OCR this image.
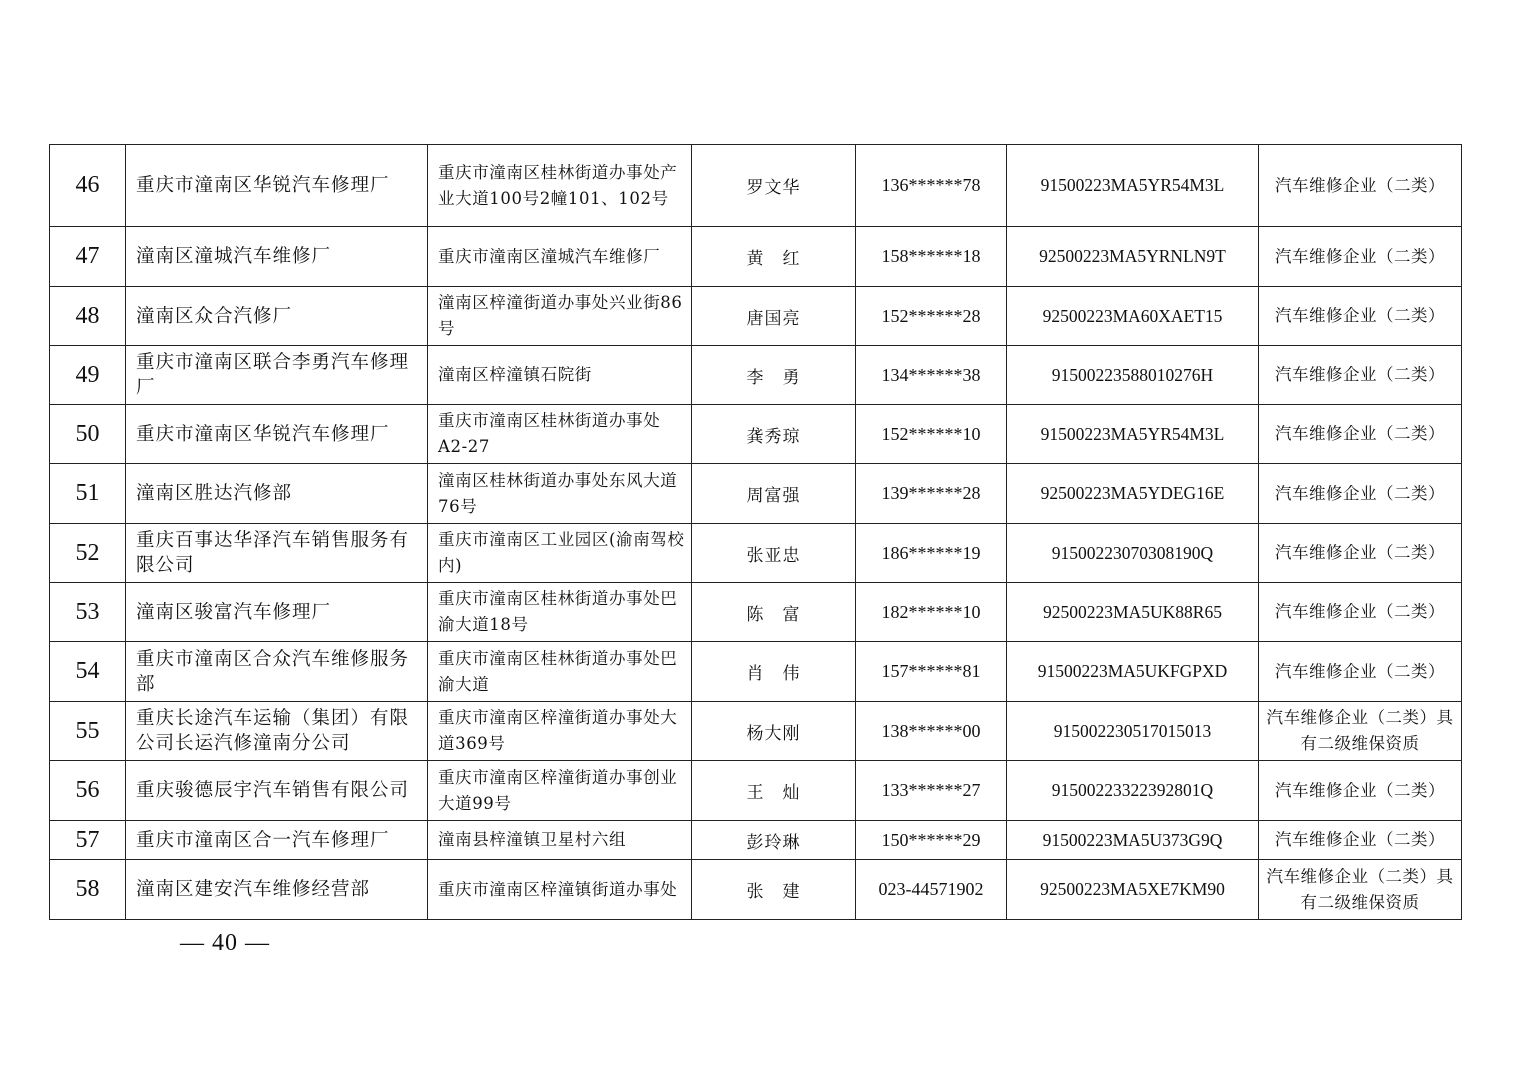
46	重庆市潼南区华锐汽车修理厂	重庆市潼南区桂林街道办事处产业大道100号2幢101、102号	罗文华	136******78	91500223MA5YR54M3L	汽车维修企业（二类）
47	潼南区潼城汽车维修厂	重庆市潼南区潼城汽车维修厂	黄　红	158******18	92500223MA5YRNLN9T	汽车维修企业（二类）
48	潼南区众合汽修厂	潼南区梓潼街道办事处兴业街86号	唐国亮	152******28	92500223MA60XAET15	汽车维修企业（二类）
49	重庆市潼南区联合李勇汽车修理厂	潼南区梓潼镇石院街	李　勇	134******38	91500223588010276H	汽车维修企业（二类）
50	重庆市潼南区华锐汽车修理厂	重庆市潼南区桂林街道办事处A2-27	龚秀琼	152******10	91500223MA5YR54M3L	汽车维修企业（二类）
51	潼南区胜达汽修部	潼南区桂林街道办事处东风大道76号	周富强	139******28	92500223MA5YDEG16E	汽车维修企业（二类）
52	重庆百事达华泽汽车销售服务有限公司	重庆市潼南区工业园区(渝南驾校内)	张亚忠	186******19	91500223070308190Q	汽车维修企业（二类）
53	潼南区骏富汽车修理厂	重庆市潼南区桂林街道办事处巴渝大道18号	陈　富	182******10	92500223MA5UK88R65	汽车维修企业（二类）
54	重庆市潼南区合众汽车维修服务部	重庆市潼南区桂林街道办事处巴渝大道	肖　伟	157******81	91500223MA5UKFGPXD	汽车维修企业（二类）
55	重庆长途汽车运输（集团）有限公司长运汽修潼南分公司	重庆市潼南区梓潼街道办事处大道369号	杨大刚	138******00	915002230517015013	汽车维修企业（二类）具有二级维保资质
56	重庆骏德辰宇汽车销售有限公司	重庆市潼南区梓潼街道办事创业大道99号	王　灿	133******27	91500223322392801Q	汽车维修企业（二类）
57	重庆市潼南区合一汽车修理厂	潼南县梓潼镇卫星村六组	彭玲琳	150******29	91500223MA5U373G9Q	汽车维修企业（二类）
58	潼南区建安汽车维修经营部	重庆市潼南区梓潼镇街道办事处	张　建	023-44571902	92500223MA5XE7KM90	汽车维修企业（二类）具有二级维保资质
— 40 —
